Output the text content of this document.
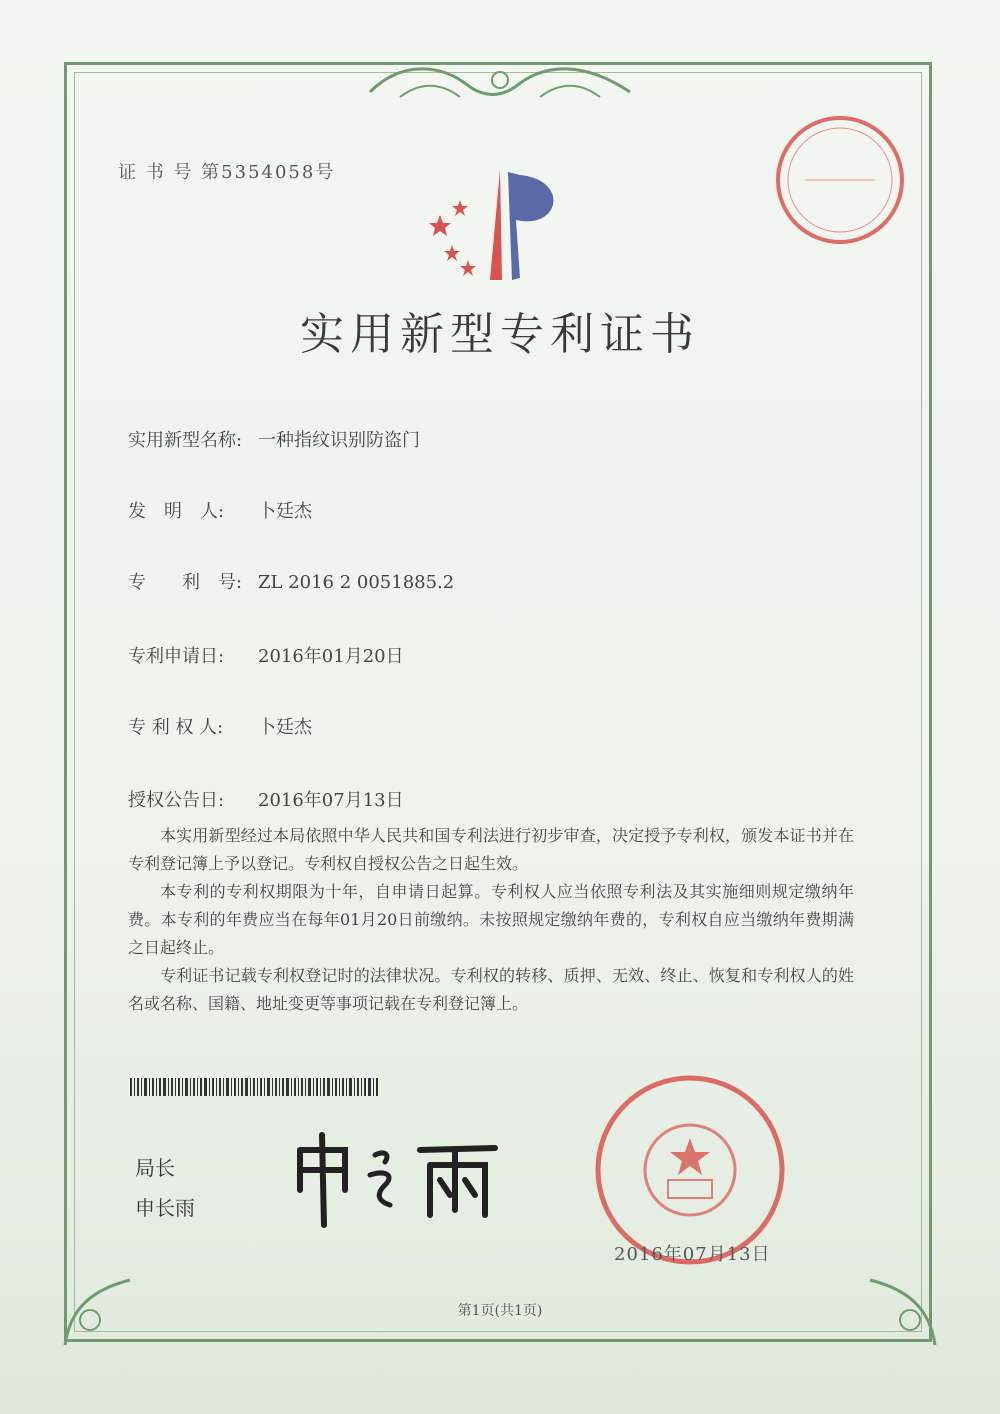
证 书 号 第5354058号
实用新型专利证书
实用新型名称: 一种指纹识别防盗门
发　明　人: 卜廷杰
专　　利　号: ZL 2016 2 0051885.2
专利申请日: 2016年01月20日
专 利 权 人: 卜廷杰
授权公告日: 2016年07月13日

本实用新型经过本局依照中华人民共和国专利法进行初步审查，决定授予专利权，颁发本证书并在专利登记簿上予以登记。专利权自授权公告之日起生效。

本专利的专利权期限为十年，自申请日起算。专利权人应当依照专利法及其实施细则规定缴纳年费。本专利的年费应当在每年01月20日前缴纳。未按照规定缴纳年费的，专利权自应当缴纳年费期满之日起终止。

专利证书记载专利权登记时的法律状况。专利权的转移、质押、无效、终止、恢复和专利权人的姓名或名称、国籍、地址变更等事项记载在专利登记簿上。

局长
申长雨
2016年07月13日
第1页(共1页)
